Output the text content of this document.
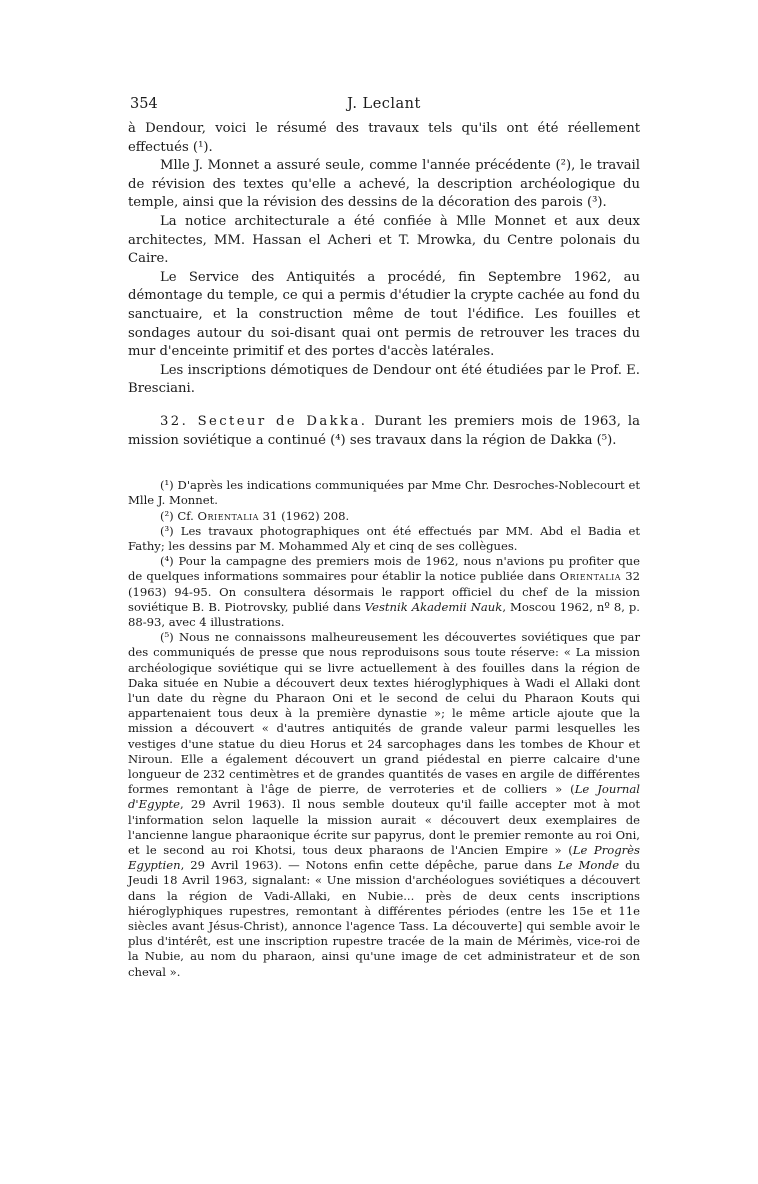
354	J. Leclant

à Dendour, voici le résumé des travaux tels qu'ils ont été réellement effectués (¹).

Mlle J. Monnet a assuré seule, comme l'année précédente (²), le travail de révision des textes qu'elle a achevé, la description archéologique du temple, ainsi que la révision des dessins de la décoration des parois (³).

La notice architecturale a été confiée à Mlle Monnet et aux deux architectes, MM. Hassan el Acheri et T. Mrowka, du Centre polonais du Caire.

Le Service des Antiquités a procédé, fin Septembre 1962, au démontage du temple, ce qui a permis d'étudier la crypte cachée au fond du sanctuaire, et la construction même de tout l'édifice. Les fouilles et sondages autour du soi-disant quai ont permis de retrouver les traces du mur d'enceinte primitif et des portes d'accès latérales.

Les inscriptions démotiques de Dendour ont été étudiées par le Prof. E. Bresciani.

32. Secteur de Dakka. Durant les premiers mois de 1963, la mission soviétique a continué (⁴) ses travaux dans la région de Dakka (⁵).

(¹) D'après les indications communiquées par Mme Chr. Desroches-Noblecourt et Mlle J. Monnet.

(²) Cf. Orientalia 31 (1962) 208.

(³) Les travaux photographiques ont été effectués par MM. Abd el Badia et Fathy; les dessins par M. Mohammed Aly et cinq de ses collègues.

(⁴) Pour la campagne des premiers mois de 1962, nous n'avions pu profiter que de quelques informations sommaires pour établir la notice publiée dans Orientalia 32 (1963) 94-95. On consultera désormais le rapport officiel du chef de la mission soviétique B. B. Piotrovsky, publié dans Vestnik Akademii Nauk, Moscou 1962, nº 8, p. 88-93, avec 4 illustrations.

(⁵) Nous ne connaissons malheureusement les découvertes soviétiques que par des communiqués de presse que nous reproduisons sous toute réserve: « La mission archéologique soviétique qui se livre actuellement à des fouilles dans la région de Daka située en Nubie a découvert deux textes hiéroglyphiques à Wadi el Allaki dont l'un date du règne du Pharaon Oni et le second de celui du Pharaon Kouts qui appartenaient tous deux à la première dynastie »; le même article ajoute que la mission a découvert « d'autres antiquités de grande valeur parmi lesquelles les vestiges d'une statue du dieu Horus et 24 sarcophages dans les tombes de Khour et Niroun. Elle a également découvert un grand piédestal en pierre calcaire d'une longueur de 232 centimètres et de grandes quantités de vases en argile de différentes formes remontant à l'âge de pierre, de verroteries et de colliers » (Le Journal d'Egypte, 29 Avril 1963). Il nous semble douteux qu'il faille accepter mot à mot l'information selon laquelle la mission aurait « découvert deux exemplaires de l'ancienne langue pharaonique écrite sur papyrus, dont le premier remonte au roi Oni, et le second au roi Khotsi, tous deux pharaons de l'Ancien Empire » (Le Progrès Egyptien, 29 Avril 1963). — Notons enfin cette dépêche, parue dans Le Monde du Jeudi 18 Avril 1963, signalant: « Une mission d'archéologues soviétiques a découvert dans la région de Vadi-Allaki, en Nubie... près de deux cents inscriptions hiéroglyphiques rupestres, remontant à différentes périodes (entre les 15e et 11e siècles avant Jésus-Christ), annonce l'agence Tass. La découverte] qui semble avoir le plus d'intérêt, est une inscription rupestre tracée de la main de Mérimès, vice-roi de la Nubie, au nom du pharaon, ainsi qu'une image de cet administrateur et de son cheval ».
